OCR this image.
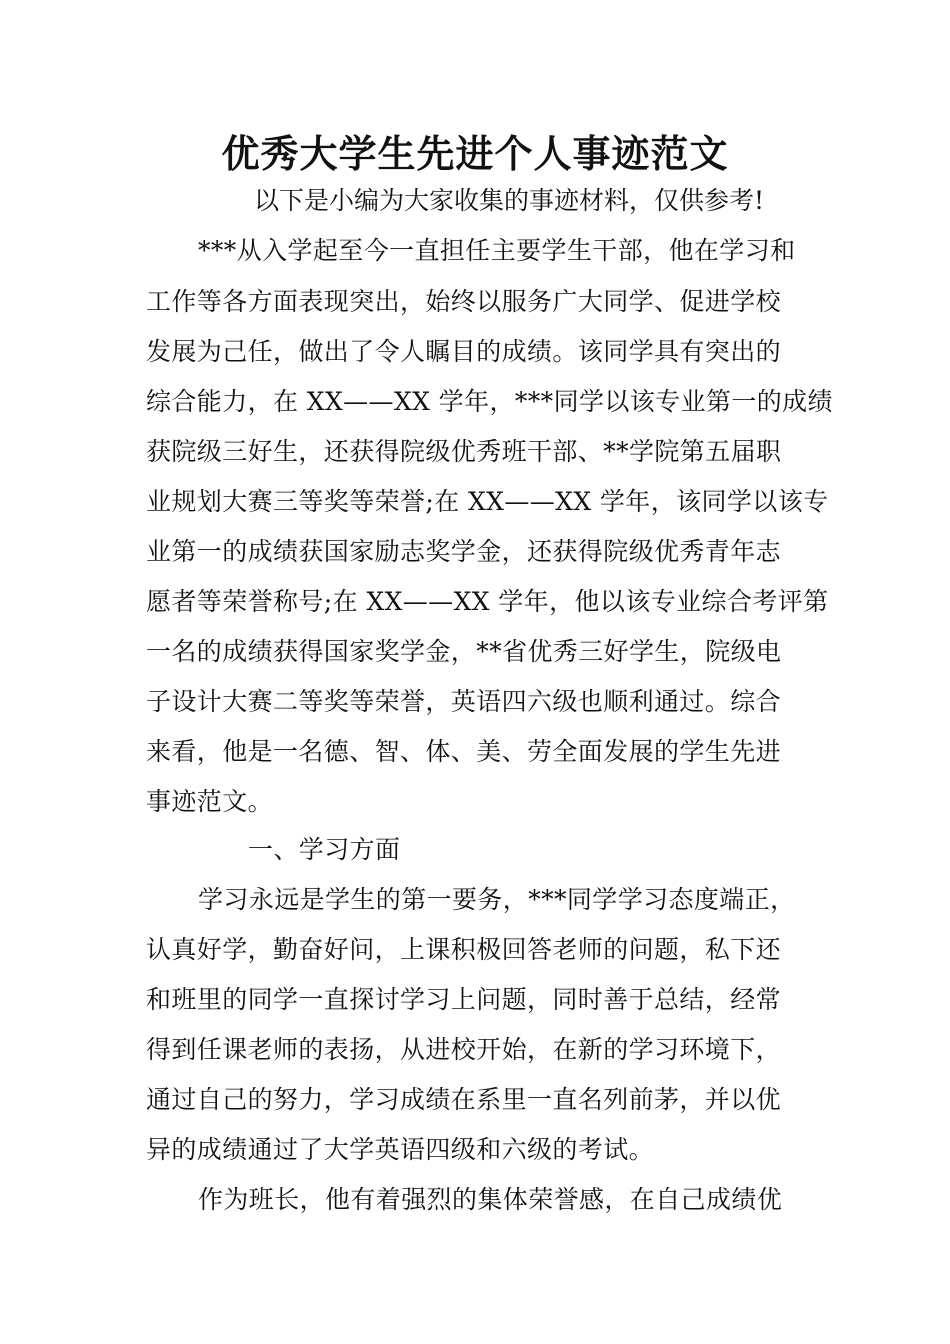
优秀大学生先进个人事迹范文
以下是小编为大家收集的事迹材料，仅供参考!
***从入学起至今一直担任主要学生干部，他在学习和
工作等各方面表现突出，始终以服务广大同学、促进学校
发展为己任，做出了令人瞩目的成绩。该同学具有突出的
综合能力，在 XX——XX 学年，***同学以该专业第一的成绩
获院级三好生，还获得院级优秀班干部、**学院第五届职
业规划大赛三等奖等荣誉;在 XX——XX 学年，该同学以该专
业第一的成绩获国家励志奖学金，还获得院级优秀青年志
愿者等荣誉称号;在 XX——XX 学年，他以该专业综合考评第
一名的成绩获得国家奖学金，**省优秀三好学生，院级电
子设计大赛二等奖等荣誉，英语四六级也顺利通过。综合
来看，他是一名德、智、体、美、劳全面发展的学生先进
事迹范文。
一、学习方面
学习永远是学生的第一要务，***同学学习态度端正，
认真好学，勤奋好问，上课积极回答老师的问题，私下还
和班里的同学一直探讨学习上问题，同时善于总结，经常
得到任课老师的表扬，从进校开始，在新的学习环境下，
通过自己的努力，学习成绩在系里一直名列前茅，并以优
异的成绩通过了大学英语四级和六级的考试。
作为班长，他有着强烈的集体荣誉感，在自己成绩优
